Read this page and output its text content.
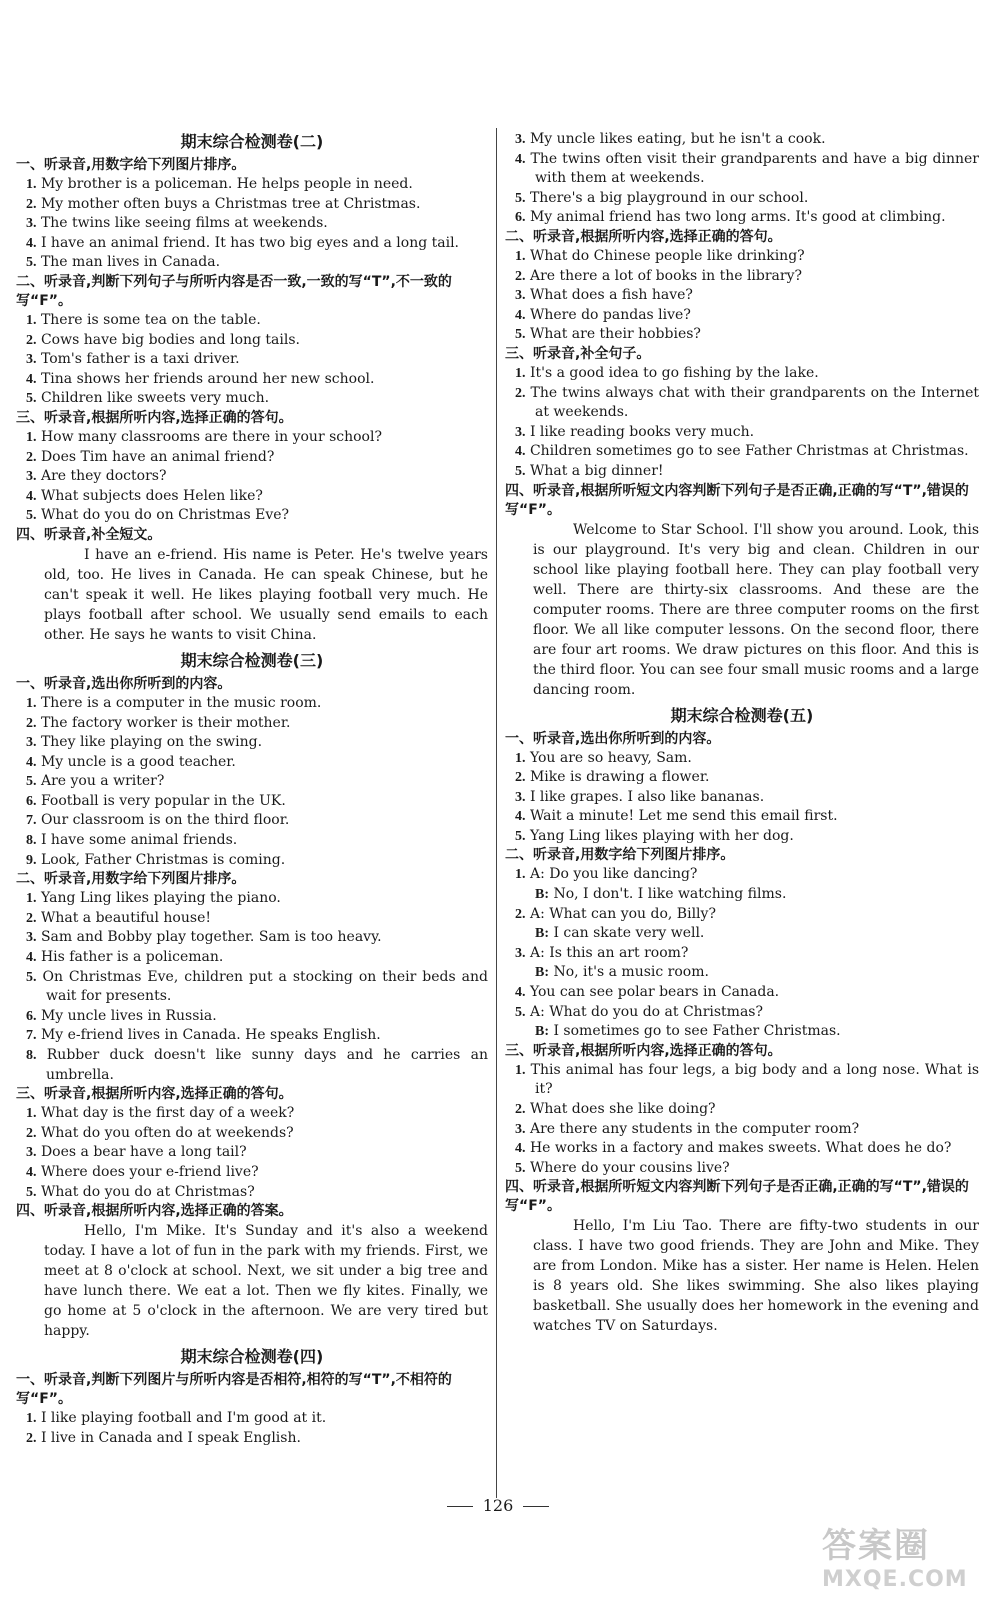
期末综合检测卷(二)
一、听录音,用数字给下列图片排序。
1. My brother is a policeman. He helps people in need.
2. My mother often buys a Christmas tree at Christmas.
3. The twins like seeing films at weekends.
4. I have an animal friend. It has two big eyes and a long tail.
5. The man lives in Canada.
二、听录音,判断下列句子与所听内容是否一致,一致的写“T”,不一致的写“F”。
1. There is some tea on the table.
2. Cows have big bodies and long tails.
3. Tom's father is a taxi driver.
4. Tina shows her friends around her new school.
5. Children like sweets very much.
三、听录音,根据所听内容,选择正确的答句。
1. How many classrooms are there in your school?
2. Does Tim have an animal friend?
3. Are they doctors?
4. What subjects does Helen like?
5. What do you do on Christmas Eve?
四、听录音,补全短文。
I have an e-friend. His name is Peter. He's twelve years old, too. He lives in Canada. He can speak Chinese, but he can't speak it well. He likes playing football very much. He plays football after school. We usually send emails to each other. He says he wants to visit China.
期末综合检测卷(三)
一、听录音,选出你所听到的内容。
1. There is a computer in the music room.
2. The factory worker is their mother.
3. They like playing on the swing.
4. My uncle is a good teacher.
5. Are you a writer?
6. Football is very popular in the UK.
7. Our classroom is on the third floor.
8. I have some animal friends.
9. Look, Father Christmas is coming.
二、听录音,用数字给下列图片排序。
1. Yang Ling likes playing the piano.
2. What a beautiful house!
3. Sam and Bobby play together. Sam is too heavy.
4. His father is a policeman.
5. On Christmas Eve, children put a stocking on their beds and wait for presents.
6. My uncle lives in Russia.
7. My e-friend lives in Canada. He speaks English.
8. Rubber duck doesn't like sunny days and he carries an umbrella.
三、听录音,根据所听内容,选择正确的答句。
1. What day is the first day of a week?
2. What do you often do at weekends?
3. Does a bear have a long tail?
4. Where does your e-friend live?
5. What do you do at Christmas?
四、听录音,根据所听内容,选择正确的答案。
Hello, I'm Mike. It's Sunday and it's also a weekend today. I have a lot of fun in the park with my friends. First, we meet at 8 o'clock at school. Next, we sit under a big tree and have lunch there. We eat a lot. Then we fly kites. Finally, we go home at 5 o'clock in the afternoon. We are very tired but happy.
期末综合检测卷(四)
一、听录音,判断下列图片与所听内容是否相符,相符的写“T”,不相符的写“F”。
1. I like playing football and I'm good at it.
2. I live in Canada and I speak English.
3. My uncle likes eating, but he isn't a cook.
4. The twins often visit their grandparents and have a big dinner with them at weekends.
5. There's a big playground in our school.
6. My animal friend has two long arms. It's good at climbing.
二、听录音,根据所听内容,选择正确的答句。
1. What do Chinese people like drinking?
2. Are there a lot of books in the library?
3. What does a fish have?
4. Where do pandas live?
5. What are their hobbies?
三、听录音,补全句子。
1. It's a good idea to go fishing by the lake.
2. The twins always chat with their grandparents on the Internet at weekends.
3. I like reading books very much.
4. Children sometimes go to see Father Christmas at Christmas.
5. What a big dinner!
四、听录音,根据所听短文内容判断下列句子是否正确,正确的写“T”,错误的写“F”。
Welcome to Star School. I'll show you around. Look, this is our playground. It's very big and clean. Children in our school like playing football here. They can play football very well. There are thirty-six classrooms. And these are the computer rooms. There are three computer rooms on the first floor. We all like computer lessons. On the second floor, there are four art rooms. We draw pictures on this floor. And this is the third floor. You can see four small music rooms and a large dancing room.
期末综合检测卷(五)
一、听录音,选出你所听到的内容。
1. You are so heavy, Sam.
2. Mike is drawing a flower.
3. I like grapes. I also like bananas.
4. Wait a minute! Let me send this email first.
5. Yang Ling likes playing with her dog.
二、听录音,用数字给下列图片排序。
1. A: Do you like dancing?
B: No, I don't. I like watching films.
2. A: What can you do, Billy?
B: I can skate very well.
3. A: Is this an art room?
B: No, it's a music room.
4. You can see polar bears in Canada.
5. A: What do you do at Christmas?
B: I sometimes go to see Father Christmas.
三、听录音,根据所听内容,选择正确的答句。
1. This animal has four legs, a big body and a long nose. What is it?
2. What does she like doing?
3. Are there any students in the computer room?
4. He works in a factory and makes sweets. What does he do?
5. Where do your cousins live?
四、听录音,根据所听短文内容判断下列句子是否正确,正确的写“T”,错误的写“F”。
Hello, I'm Liu Tao. There are fifty-two students in our class. I have two good friends. They are John and Mike. They are from London. Mike has a sister. Her name is Helen. Helen is 8 years old. She likes swimming. She also likes playing basketball. She usually does her homework in the evening and watches TV on Saturdays.
126
答案圈
MXQE.COM
